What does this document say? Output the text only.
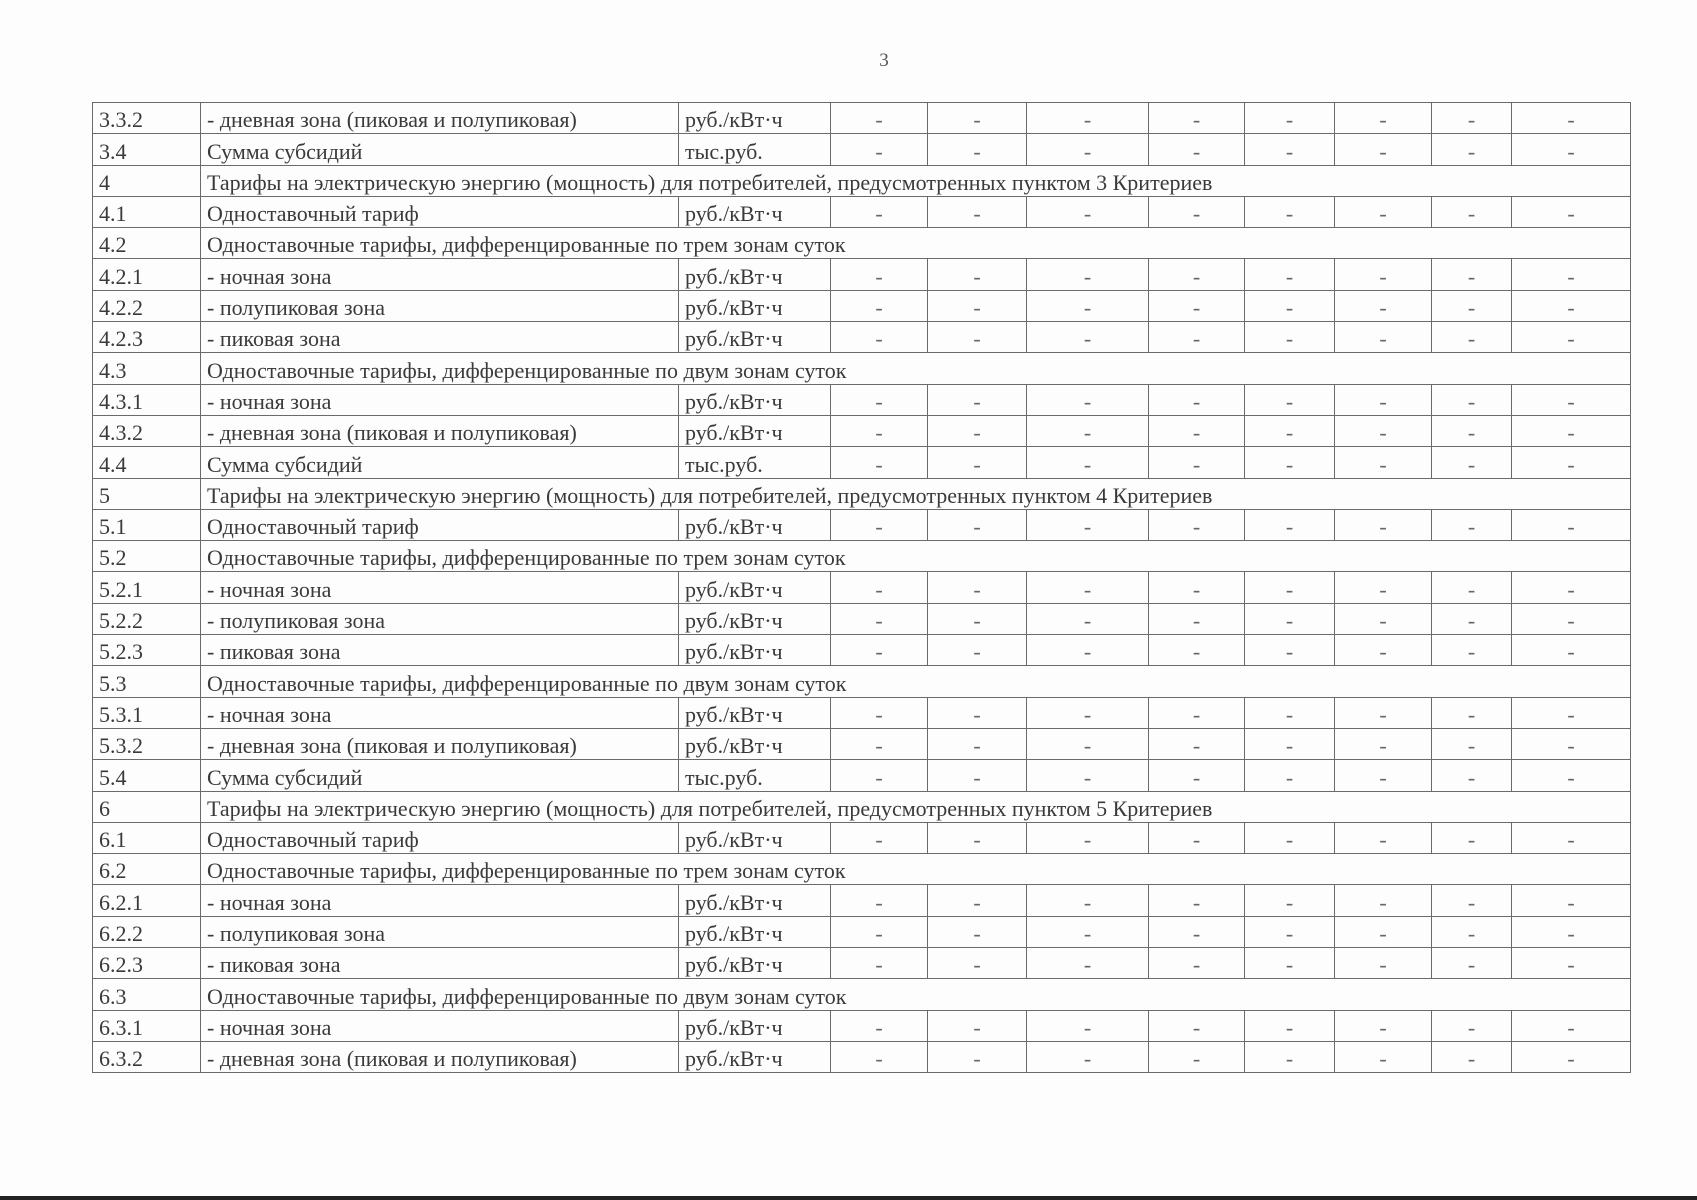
3
3.3.2	- дневная зона (пиковая и полупиковая)	руб./кВт·ч	-	-	-	-	-	-	-	-
3.4	Сумма субсидий	тыс.руб.	-	-	-	-	-	-	-	-
4	Тарифы на электрическую энергию (мощность) для потребителей, предусмотренных пунктом 3 Критериев									
4.1	Одноставочный тариф	руб./кВт·ч	-	-	-	-	-	-	-	-
4.2	Одноставочные тарифы, дифференцированные по трем зонам суток									
4.2.1	- ночная зона	руб./кВт·ч	-	-	-	-	-	-	-	-
4.2.2	- полупиковая зона	руб./кВт·ч	-	-	-	-	-	-	-	-
4.2.3	- пиковая зона	руб./кВт·ч	-	-	-	-	-	-	-	-
4.3	Одноставочные тарифы, дифференцированные по двум зонам суток									
4.3.1	- ночная зона	руб./кВт·ч	-	-	-	-	-	-	-	-
4.3.2	- дневная зона (пиковая и полупиковая)	руб./кВт·ч	-	-	-	-	-	-	-	-
4.4	Сумма субсидий	тыс.руб.	-	-	-	-	-	-	-	-
5	Тарифы на электрическую энергию (мощность) для потребителей, предусмотренных пунктом 4 Критериев									
5.1	Одноставочный тариф	руб./кВт·ч	-	-	-	-	-	-	-	-
5.2	Одноставочные тарифы, дифференцированные по трем зонам суток									
5.2.1	- ночная зона	руб./кВт·ч	-	-	-	-	-	-	-	-
5.2.2	- полупиковая зона	руб./кВт·ч	-	-	-	-	-	-	-	-
5.2.3	- пиковая зона	руб./кВт·ч	-	-	-	-	-	-	-	-
5.3	Одноставочные тарифы, дифференцированные по двум зонам суток									
5.3.1	- ночная зона	руб./кВт·ч	-	-	-	-	-	-	-	-
5.3.2	- дневная зона (пиковая и полупиковая)	руб./кВт·ч	-	-	-	-	-	-	-	-
5.4	Сумма субсидий	тыс.руб.	-	-	-	-	-	-	-	-
6	Тарифы на электрическую энергию (мощность) для потребителей, предусмотренных пунктом 5 Критериев									
6.1	Одноставочный тариф	руб./кВт·ч	-	-	-	-	-	-	-	-
6.2	Одноставочные тарифы, дифференцированные по трем зонам суток									
6.2.1	- ночная зона	руб./кВт·ч	-	-	-	-	-	-	-	-
6.2.2	- полупиковая зона	руб./кВт·ч	-	-	-	-	-	-	-	-
6.2.3	- пиковая зона	руб./кВт·ч	-	-	-	-	-	-	-	-
6.3	Одноставочные тарифы, дифференцированные по двум зонам суток									
6.3.1	- ночная зона	руб./кВт·ч	-	-	-	-	-	-	-	-
6.3.2	- дневная зона (пиковая и полупиковая)	руб./кВт·ч	-	-	-	-	-	-	-	-
